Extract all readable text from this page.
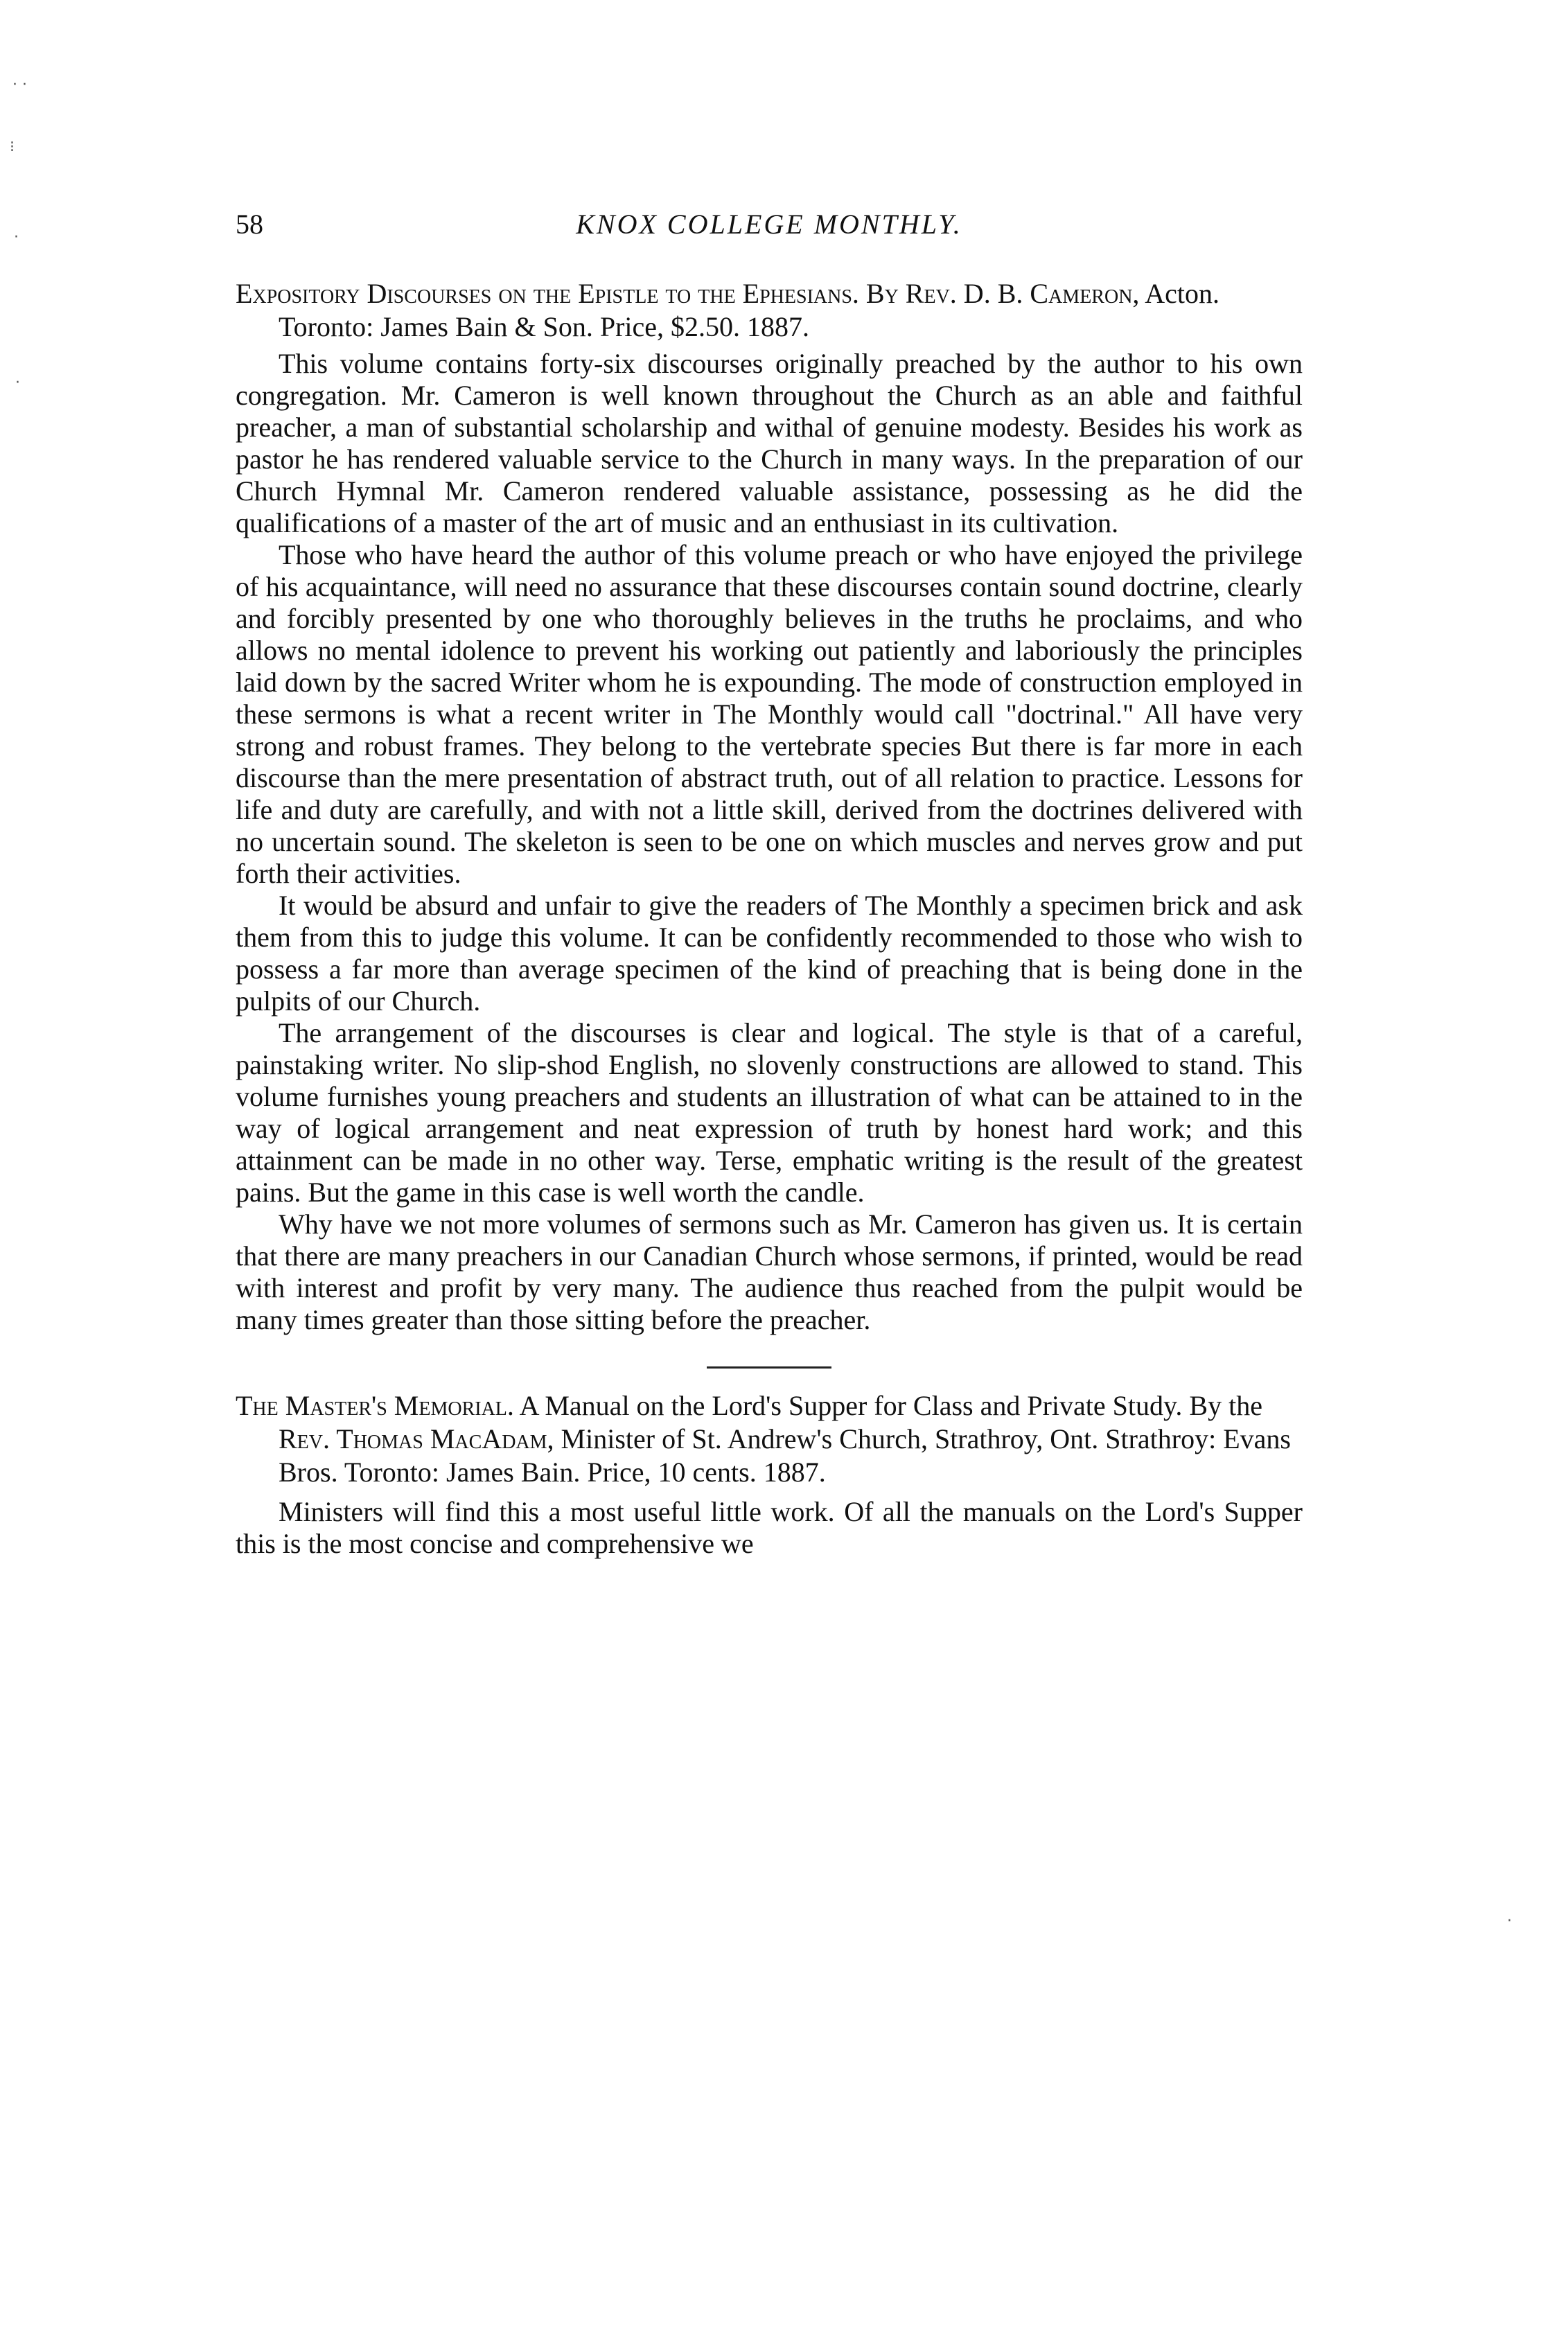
58	KNOX COLLEGE MONTHLY.

Expository Discourses on the Epistle to the Ephesians. By Rev. D. B. Cameron, Acton. Toronto: James Bain & Son. Price, $2.50. 1887.

This volume contains forty-six discourses originally preached by the author to his own congregation. Mr. Cameron is well known throughout the Church as an able and faithful preacher, a man of substantial scholarship and withal of genuine modesty. Besides his work as pastor he has rendered valuable service to the Church in many ways. In the preparation of our Church Hymnal Mr. Cameron rendered valuable assistance, possessing as he did the qualifications of a master of the art of music and an enthusiast in its cultivation.

Those who have heard the author of this volume preach or who have enjoyed the privilege of his acquaintance, will need no assurance that these discourses contain sound doctrine, clearly and forcibly presented by one who thoroughly believes in the truths he proclaims, and who allows no mental idolence to prevent his working out patiently and laboriously the principles laid down by the sacred Writer whom he is expounding. The mode of construction employed in these sermons is what a recent writer in The Monthly would call "doctrinal." All have very strong and robust frames. They belong to the vertebrate species But there is far more in each discourse than the mere presentation of abstract truth, out of all relation to practice. Lessons for life and duty are carefully, and with not a little skill, derived from the doctrines delivered with no uncertain sound. The skeleton is seen to be one on which muscles and nerves grow and put forth their activities.

It would be absurd and unfair to give the readers of The Monthly a specimen brick and ask them from this to judge this volume. It can be confidently recommended to those who wish to possess a far more than average specimen of the kind of preaching that is being done in the pulpits of our Church.

The arrangement of the discourses is clear and logical. The style is that of a careful, painstaking writer. No slip-shod English, no slovenly constructions are allowed to stand. This volume furnishes young preachers and students an illustration of what can be attained to in the way of logical arrangement and neat expression of truth by honest hard work; and this attainment can be made in no other way. Terse, emphatic writing is the result of the greatest pains. But the game in this case is well worth the candle.

Why have we not more volumes of sermons such as Mr. Cameron has given us. It is certain that there are many preachers in our Canadian Church whose sermons, if printed, would be read with interest and profit by very many. The audience thus reached from the pulpit would be many times greater than those sitting before the preacher.

The Master's Memorial. A Manual on the Lord's Supper for Class and Private Study. By the Rev. Thomas MacAdam, Minister of St. Andrew's Church, Strathroy, Ont. Strathroy: Evans Bros. Toronto: James Bain. Price, 10 cents. 1887.

Ministers will find this a most useful little work. Of all the manuals on the Lord's Supper this is the most concise and comprehensive we

· ·
⁝
·
·
·
